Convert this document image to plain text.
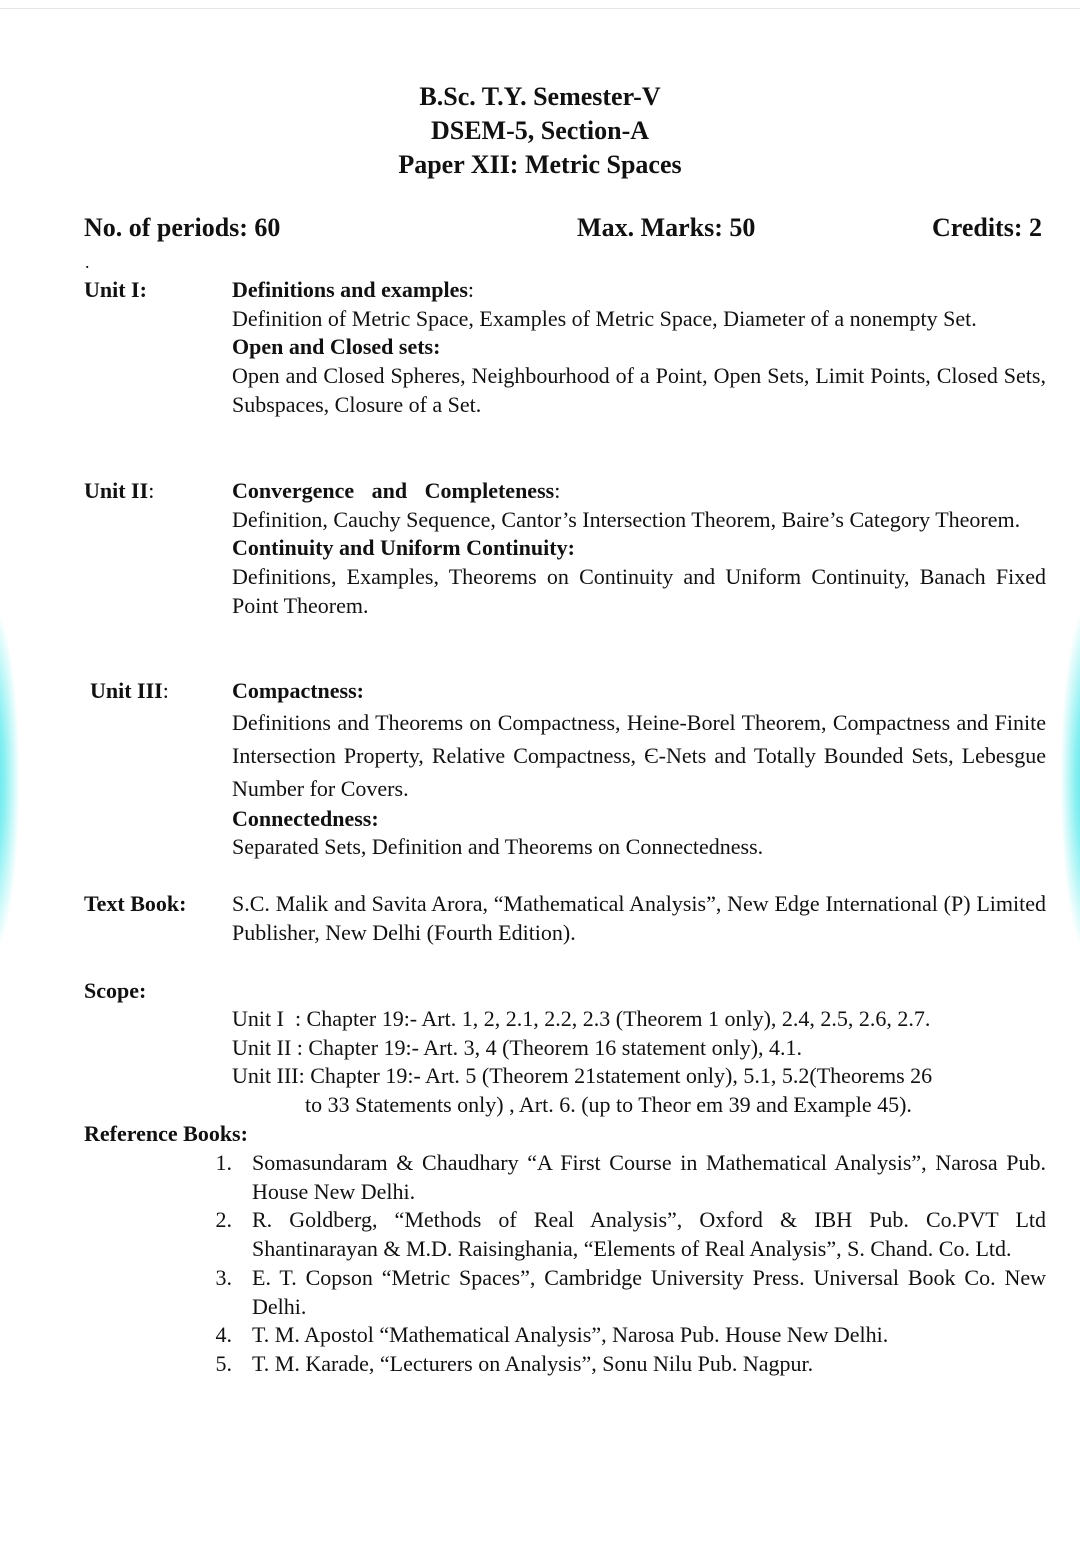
B.Sc. T.Y. Semester-V
DSEM-5, Section-A
Paper XII: Metric Spaces
No. of periods: 60	Max. Marks: 50	Credits: 2
.
Unit I:	Definitions and examples:

Definition of Metric Space, Examples of Metric Space, Diameter of a nonempty Set.

Open and Closed sets:

Open and Closed Spheres, Neighbourhood of a Point, Open Sets, Limit Points, Closed Sets, Subspaces, Closure of a Set.

Unit II:	Convergence and Completeness:

Definition, Cauchy Sequence, Cantor’s Intersection Theorem, Baire’s Category Theorem.

Continuity and Uniform Continuity:

Definitions, Examples, Theorems on Continuity and Uniform Continuity, Banach Fixed Point Theorem.

Unit III:	Compactness:

Definitions and Theorems on Compactness, Heine-Borel Theorem, Compactness and Finite Intersection Property, Relative Compactness, Є-Nets and Totally Bounded Sets, Lebesgue Number for Covers.

Connectedness:

Separated Sets, Definition and Theorems on Connectedness.

Text Book: S.C. Malik and Savita Arora, “Mathematical Analysis”, New Edge International (P) Limited Publisher, New Delhi (Fourth Edition).
Scope:
Unit I  : Chapter 19:- Art. 1, 2, 2.1, 2.2, 2.3 (Theorem 1 only), 2.4, 2.5, 2.6, 2.7.
Unit II : Chapter 19:- Art. 3, 4 (Theorem 16 statement only), 4.1.
Unit III: Chapter 19:- Art. 5 (Theorem 21statement only), 5.1, 5.2(Theorems 26
to 33 Statements only) , Art. 6. (up to Theor em 39 and Example 45).
Reference Books:
1. Somasundaram & Chaudhary “A First Course in Mathematical Analysis”, Narosa Pub. House New Delhi.
2. R. Goldberg, “Methods of Real Analysis”, Oxford & IBH Pub. Co.PVT Ltd Shantinarayan & M.D. Raisinghania, “Elements of Real Analysis”, S. Chand. Co. Ltd.
3. E. T. Copson “Metric Spaces”, Cambridge University Press. Universal Book Co. New Delhi.
4. T. M. Apostol “Mathematical Analysis”, Narosa Pub. House New Delhi.
5. T. M. Karade, “Lecturers on Analysis”, Sonu Nilu Pub. Nagpur.
